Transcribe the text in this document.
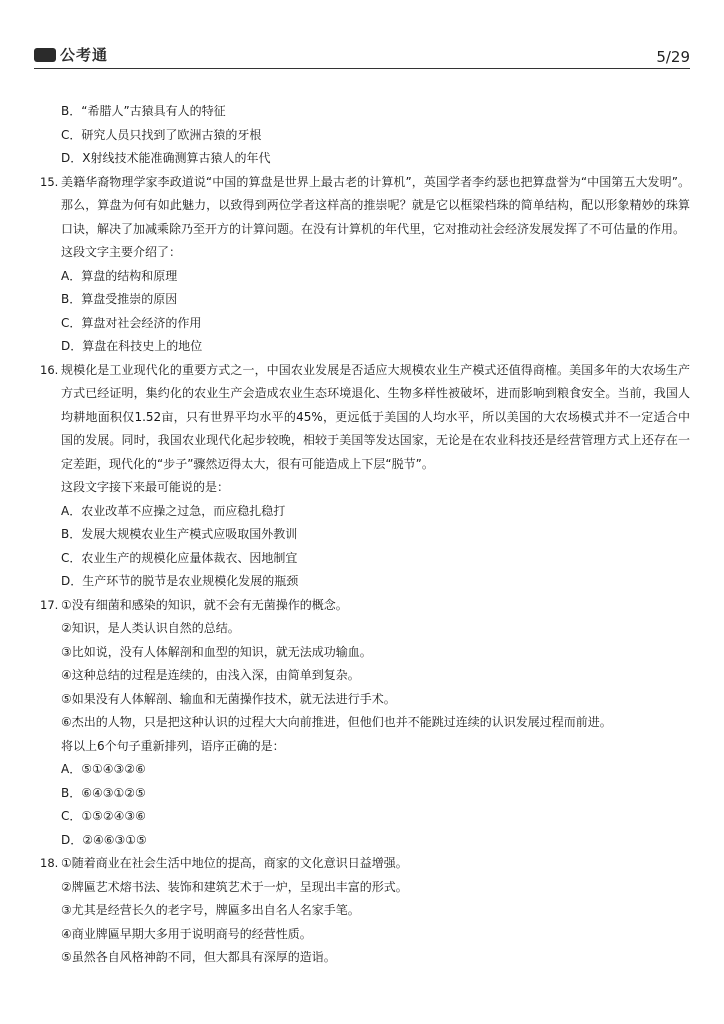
公考通	5/29
B．“希腊人”古猿具有人的特征
C．研究人员只找到了欧洲古猿的牙根
D．X射线技术能准确测算古猿人的年代
15. 美籍华裔物理学家李政道说“中国的算盘是世界上最古老的计算机”，英国学者李约瑟也把算盘誉为“中国第五大发明”。那么，算盘为何有如此魅力，以致得到两位学者这样高的推崇呢？就是它以框梁档珠的简单结构，配以形象精妙的珠算口诀，解决了加减乘除乃至开方的计算问题。在没有计算机的年代里，它对推动社会经济发展发挥了不可估量的作用。
这段文字主要介绍了：
A．算盘的结构和原理
B．算盘受推崇的原因
C．算盘对社会经济的作用
D．算盘在科技史上的地位
16. 规模化是工业现代化的重要方式之一，中国农业发展是否适应大规模农业生产模式还值得商榷。美国多年的大农场生产方式已经证明，集约化的农业生产会造成农业生态环境退化、生物多样性被破坏，进而影响到粮食安全。当前，我国人均耕地面积仅1.52亩，只有世界平均水平的45%，更远低于美国的人均水平，所以美国的大农场模式并不一定适合中国的发展。同时，我国农业现代化起步较晚，相较于美国等发达国家，无论是在农业科技还是经营管理方式上还存在一定差距，现代化的“步子”骤然迈得太大，很有可能造成上下层“脱节”。
这段文字接下来最可能说的是：
A．农业改革不应操之过急，而应稳扎稳打
B．发展大规模农业生产模式应吸取国外教训
C．农业生产的规模化应量体裁衣、因地制宜
D．生产环节的脱节是农业规模化发展的瓶颈
17. ①没有细菌和感染的知识，就不会有无菌操作的概念。
②知识，是人类认识自然的总结。
③比如说，没有人体解剖和血型的知识，就无法成功输血。
④这种总结的过程是连续的，由浅入深，由简单到复杂。
⑤如果没有人体解剖、输血和无菌操作技术，就无法进行手术。
⑥杰出的人物，只是把这种认识的过程大大向前推进，但他们也并不能跳过连续的认识发展过程而前进。
将以上6个句子重新排列，语序正确的是：
A．⑤①④③②⑥
B．⑥④③①②⑤
C．①⑤②④③⑥
D．②④⑥③①⑤
18. ①随着商业在社会生活中地位的提高，商家的文化意识日益增强。
②牌匾艺术熔书法、装饰和建筑艺术于一炉，呈现出丰富的形式。
③尤其是经营长久的老字号，牌匾多出自名人名家手笔。
④商业牌匾早期大多用于说明商号的经营性质。
⑤虽然各自风格神韵不同，但大都具有深厚的造诣。
